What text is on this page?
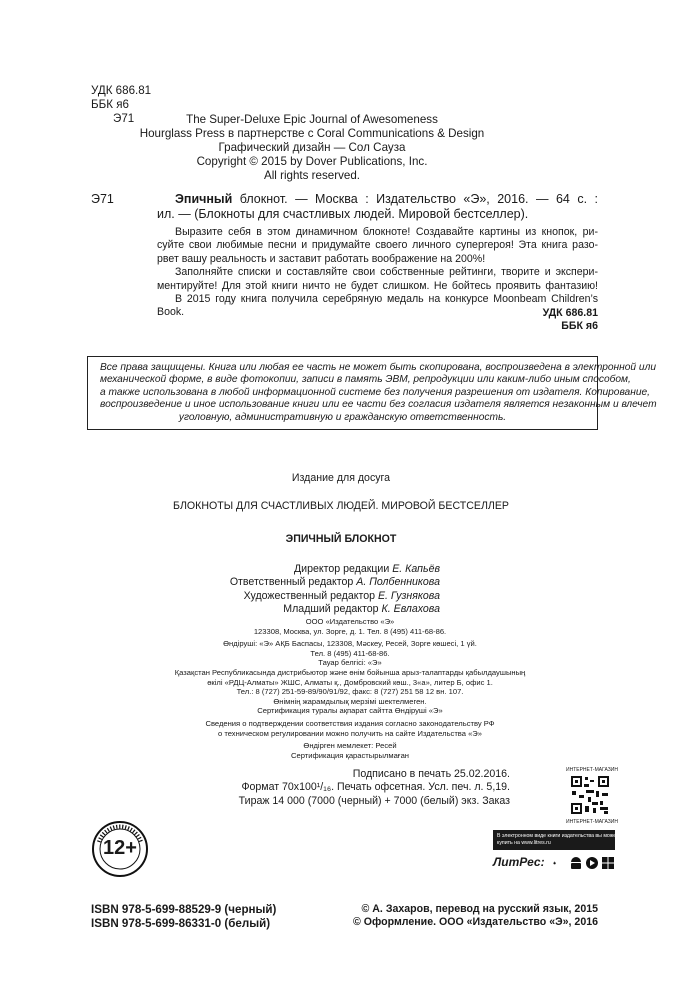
УДК 686.81
ББК я6
Э71	The Super-Deluxe Epic Journal of Awesomeness
Hourglass Press в партнерстве с Coral Communications & Design
Графический дизайн — Сол Сауза
Copyright © 2015 by Dover Publications, Inc.
All rights reserved.
Э71	Эпичный блокнот. — Москва : Издательство «Э», 2016. — 64 с. :
ил. — (Блокноты для счастливых людей. Мировой бестселлер).
Выразите себя в этом динамичном блокноте! Создавайте картины из кнопок, ри-
суйте свои любимые песни и придумайте своего личного супергероя! Эта книга разо-
рвет вашу реальность и заставит работать воображение на 200%!
Заполняйте списки и составляйте свои собственные рейтинги, творите и экспери-
ментируйте! Для этой книги ничто не будет слишком. Не бойтесь проявить фантазию!
В 2015 году книга получила серебряную медаль на конкурсе Moonbeam Children’s
Book.	УДК 686.81
ББК я6
Все права защищены. Книга или любая ее часть не может быть скопирована, воспроизведена в электронной или
механической форме, в виде фотокопии, записи в память ЭВМ, репродукции или каким-либо иным способом,
а также использована в любой информационной системе без получения разрешения от издателя. Копирование,
воспроизведение и иное использование книги или ее части без согласия издателя является незаконным и влечет
уголовную, административную и гражданскую ответственность.
Издание для досуга
БЛОКНОТЫ ДЛЯ СЧАСТЛИВЫХ ЛЮДЕЙ. МИРОВОЙ БЕСТСЕЛЛЕР
ЭПИЧНЫЙ БЛОКНОТ
Директор редакции Е. Капьёв
Ответственный редактор А. Полбенникова
Художественный редактор Е. Гузнякова
Младший редактор К. Евлахова
ООО «Издательство «Э»
123308, Москва, ул. Зорге, д. 1. Тел. 8 (495) 411-68-86.
Өндіруші: «Э» АҚБ Баспасы, 123308, Мәскеу, Ресей, Зорге көшесі, 1 үй.
Тел. 8 (495) 411-68-86.
Тауар белгісі: «Э»
Қазақстан Республикасында дистрибьютор және өнім бойынша арыз-талаптарды қабылдаушының
өкілі «РДЦ-Алматы» ЖШС, Алматы қ., Домбровский көш., 3«а», литер Б, офис 1.
Тел.: 8 (727) 251-59-89/90/91/92, факс: 8 (727) 251 58 12 вн. 107.
Өнімнің жарамдылық мерзімі шектелмеген.
Сертификация туралы ақпарат сайтта Өндіруші «Э»
Сведения о подтверждении соответствия издания согласно законодательству РФ
о техническом регулировании можно получить на сайте Издательства «Э»
Өндірген мемлекет: Ресей
Сертификация қарастырылмаған
Подписано в печать 25.02.2016.
Формат 70x100¹/₁₆. Печать офсетная. Усл. печ. л. 5,19.
Тираж 14 000 (7000 (черный) + 7000 (белый) экз. Заказ
12+
ИНТЕРНЕТ-МАГАЗИН
ИНТЕРНЕТ-МАГАЗИН
В электронном виде книги издательства вы можете
купить на www.litres.ru
ЛитРес:
ISBN 978-5-699-88529-9 (черный)
ISBN 978-5-699-86331-0 (белый)
© А. Захаров, перевод на русский язык, 2015
© Оформление. ООО «Издательство «Э», 2016
